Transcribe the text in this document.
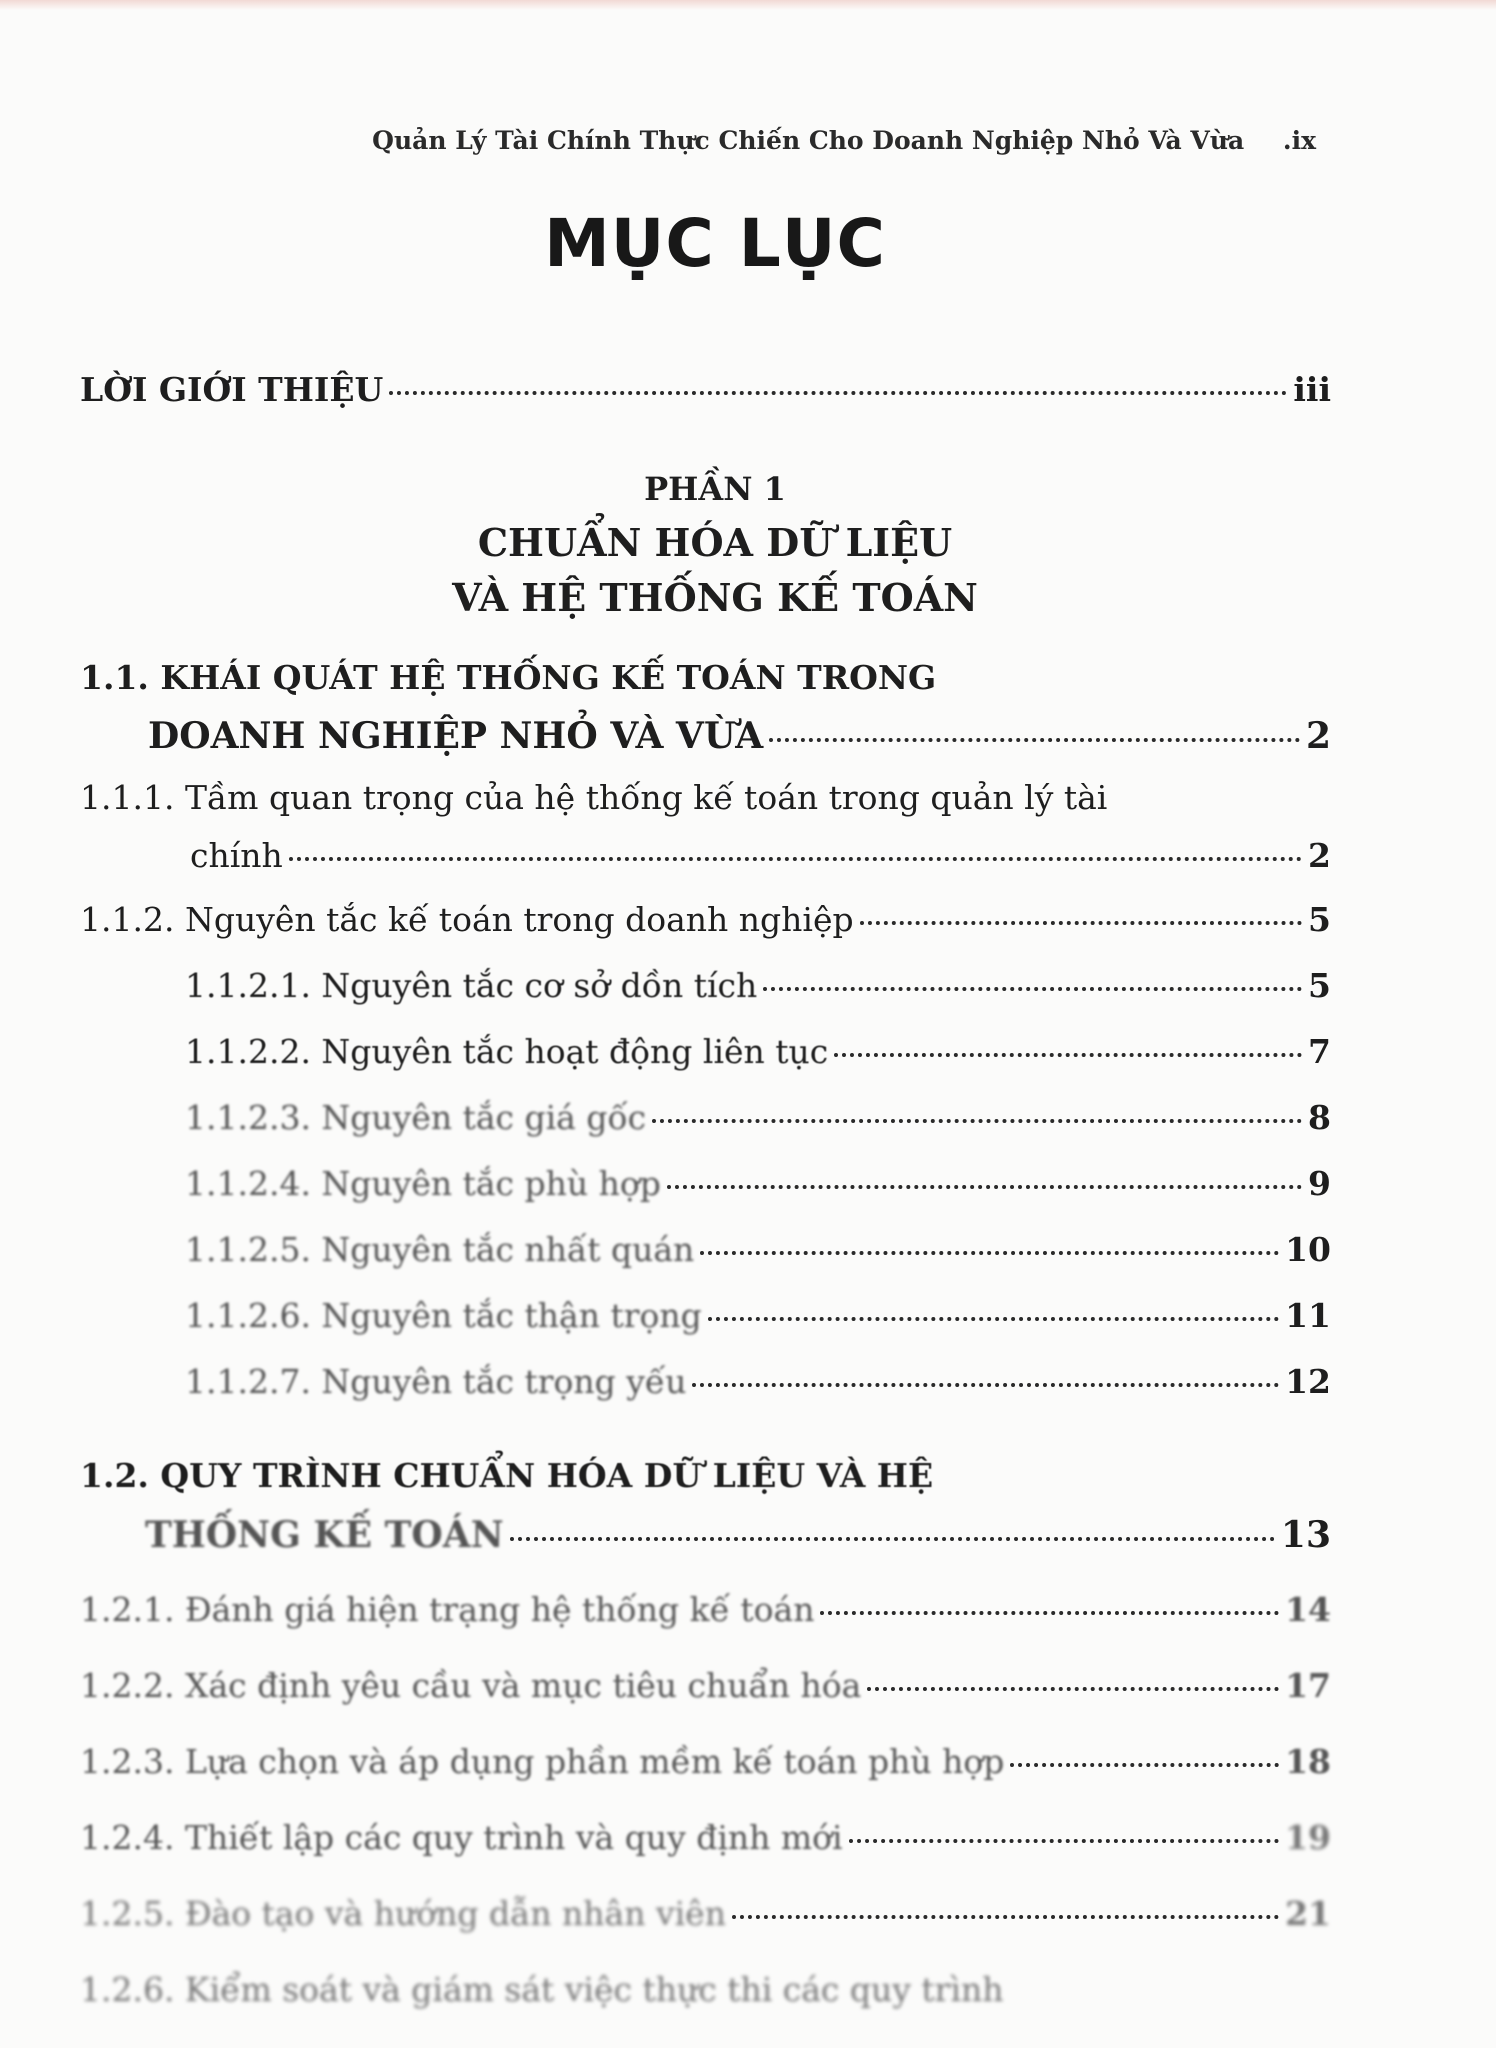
Quản Lý Tài Chính Thực Chiến Cho Doanh Nghiệp Nhỏ Và Vừa .ix
MỤC LỤC
LỜI GIỚI THIỆU	iii
PHẦN 1
CHUẨN HÓA DỮ LIỆU
VÀ HỆ THỐNG KẾ TOÁN
1.1. KHÁI QUÁT HỆ THỐNG KẾ TOÁN TRONG
DOANH NGHIỆP NHỎ VÀ VỪA	2
1.1.1. Tầm quan trọng của hệ thống kế toán trong quản lý tài
chính	2
1.1.2. Nguyên tắc kế toán trong doanh nghiệp	5
1.1.2.1. Nguyên tắc cơ sở dồn tích	5
1.1.2.2. Nguyên tắc hoạt động liên tục	7
1.1.2.3. Nguyên tắc giá gốc	8
1.1.2.4. Nguyên tắc phù hợp	9
1.1.2.5. Nguyên tắc nhất quán	10
1.1.2.6. Nguyên tắc thận trọng	11
1.1.2.7. Nguyên tắc trọng yếu	12
1.2. QUY TRÌNH CHUẨN HÓA DỮ LIỆU VÀ HỆ
THỐNG KẾ TOÁN	13
1.2.1. Đánh giá hiện trạng hệ thống kế toán	14
1.2.2. Xác định yêu cầu và mục tiêu chuẩn hóa	17
1.2.3. Lựa chọn và áp dụng phần mềm kế toán phù hợp	18
1.2.4. Thiết lập các quy trình và quy định mới	19
1.2.5. Đào tạo và hướng dẫn nhân viên	21
1.2.6. Kiểm soát và giám sát việc thực thi các quy trình
